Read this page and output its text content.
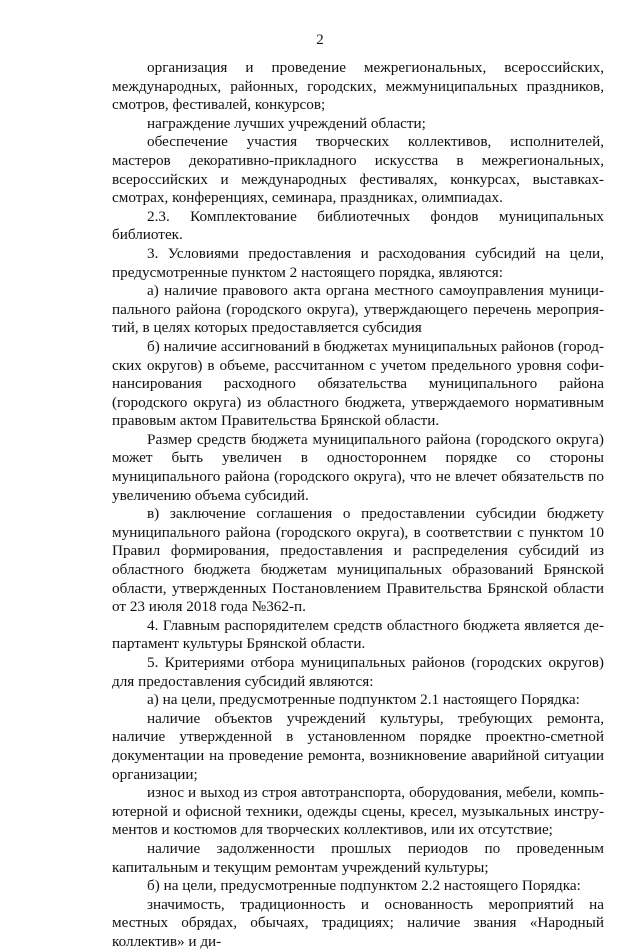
2

организация и проведение межрегиональных, всероссийских, международных, районных, городских, межмуниципальных праздников, смотров, фестивалей, конкурсов;

награждение лучших учреждений области;

обеспечение участия творческих коллективов, исполнителей, мастеров декоративно-прикладного искусства в межрегиональных, всероссийских и международных фестивалях, конкурсах, выставках-смотрах, конференциях, семинара, праздниках, олимпиадах.

2.3. Комплектование библиотечных фондов муниципальных библиотек.

3. Условиями предоставления и расходования субсидий на цели, предусмотренные пунктом 2 настоящего порядка, являются:

а) наличие правового акта органа местного самоуправления муниципального района (городского округа), утверждающего перечень мероприятий, в целях которых предоставляется субсидия

б) наличие ассигнований в бюджетах муниципальных районов (городских округов) в объеме, рассчитанном с учетом предельного уровня софинансирования расходного обязательства муниципального района (городского округа) из областного бюджета, утверждаемого нормативным правовым актом Правительства Брянской области.

Размер средств бюджета муниципального района (городского округа) может быть увеличен в одностороннем порядке со стороны муниципального района (городского округа), что не влечет обязательств по увеличению объема субсидий.

в) заключение соглашения о предоставлении субсидии бюджету муниципального района (городского округа), в соответствии с пунктом 10 Правил формирования, предоставления и распределения субсидий из областного бюджета бюджетам муниципальных образований Брянской области, утвержденных Постановлением Правительства Брянской области от 23 июля 2018 года №362-п.

4. Главным распорядителем средств областного бюджета является департамент культуры Брянской области.

5. Критериями отбора муниципальных районов (городских округов) для предоставления субсидий являются:

а) на цели, предусмотренные подпунктом 2.1 настоящего Порядка:

наличие объектов учреждений культуры, требующих ремонта, наличие утвержденной в установленном порядке проектно-сметной документации на проведение ремонта, возникновение аварийной ситуации организации;

износ и выход из строя автотранспорта, оборудования, мебели, компьютерной и офисной техники, одежды сцены, кресел, музыкальных инструментов и костюмов для творческих коллективов, или их отсутствие;

наличие задолженности прошлых периодов по проведенным капитальным и текущим ремонтам учреждений культуры;

б) на цели, предусмотренные подпунктом 2.2 настоящего Порядка:

значимость, традиционность и основанность мероприятий на местных обрядах, обычаях, традициях; наличие звания «Народный коллектив» и ди-
